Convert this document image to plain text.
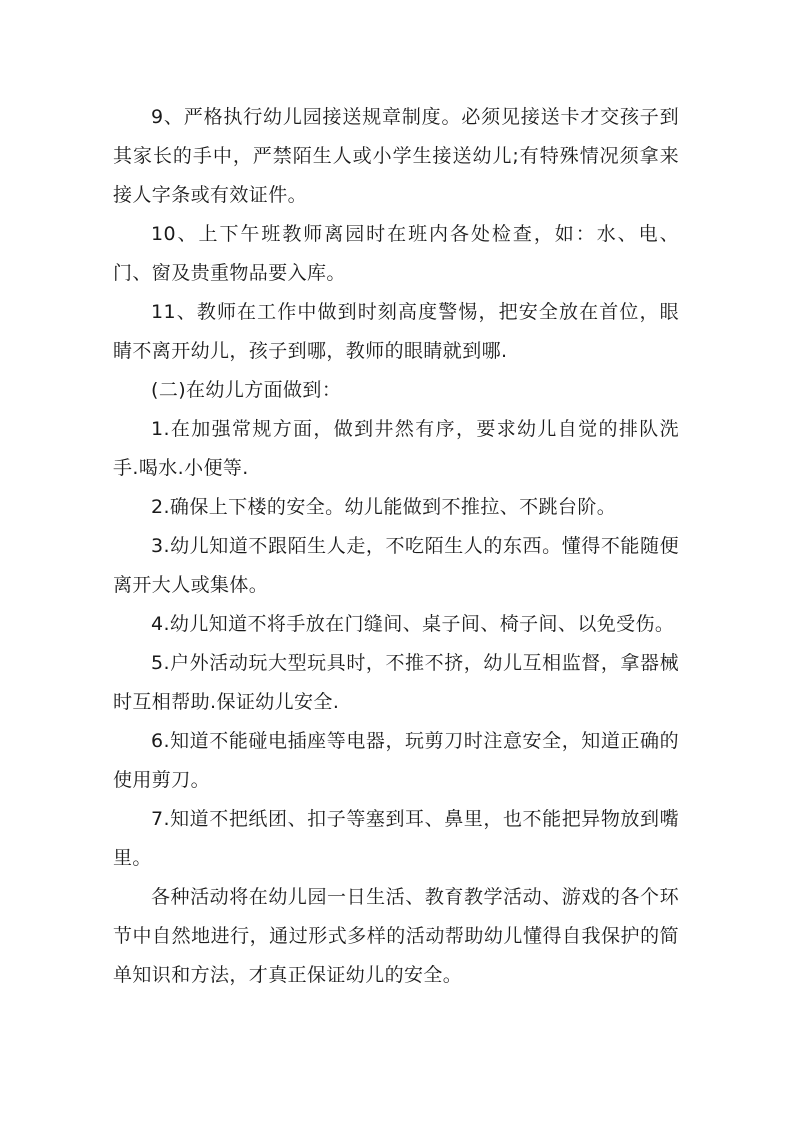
9、严格执行幼儿园接送规章制度。必须见接送卡才交孩子到其家长的手中，严禁陌生人或小学生接送幼儿;有特殊情况须拿来接人字条或有效证件。

10、上下午班教师离园时在班内各处检查，如：水、电、门、窗及贵重物品要入库。

11、教师在工作中做到时刻高度警惕，把安全放在首位，眼睛不离开幼儿，孩子到哪，教师的眼睛就到哪.

(二)在幼儿方面做到：

1.在加强常规方面，做到井然有序，要求幼儿自觉的排队洗手.喝水.小便等.

2.确保上下楼的安全。幼儿能做到不推拉、不跳台阶。

3.幼儿知道不跟陌生人走，不吃陌生人的东西。懂得不能随便离开大人或集体。

4.幼儿知道不将手放在门缝间、桌子间、椅子间、以免受伤。

5.户外活动玩大型玩具时，不推不挤，幼儿互相监督，拿器械时互相帮助.保证幼儿安全.

6.知道不能碰电插座等电器，玩剪刀时注意安全，知道正确的使用剪刀。

7.知道不把纸团、扣子等塞到耳、鼻里，也不能把异物放到嘴里。

各种活动将在幼儿园一日生活、教育教学活动、游戏的各个环节中自然地进行，通过形式多样的活动帮助幼儿懂得自我保护的简单知识和方法，才真正保证幼儿的安全。
